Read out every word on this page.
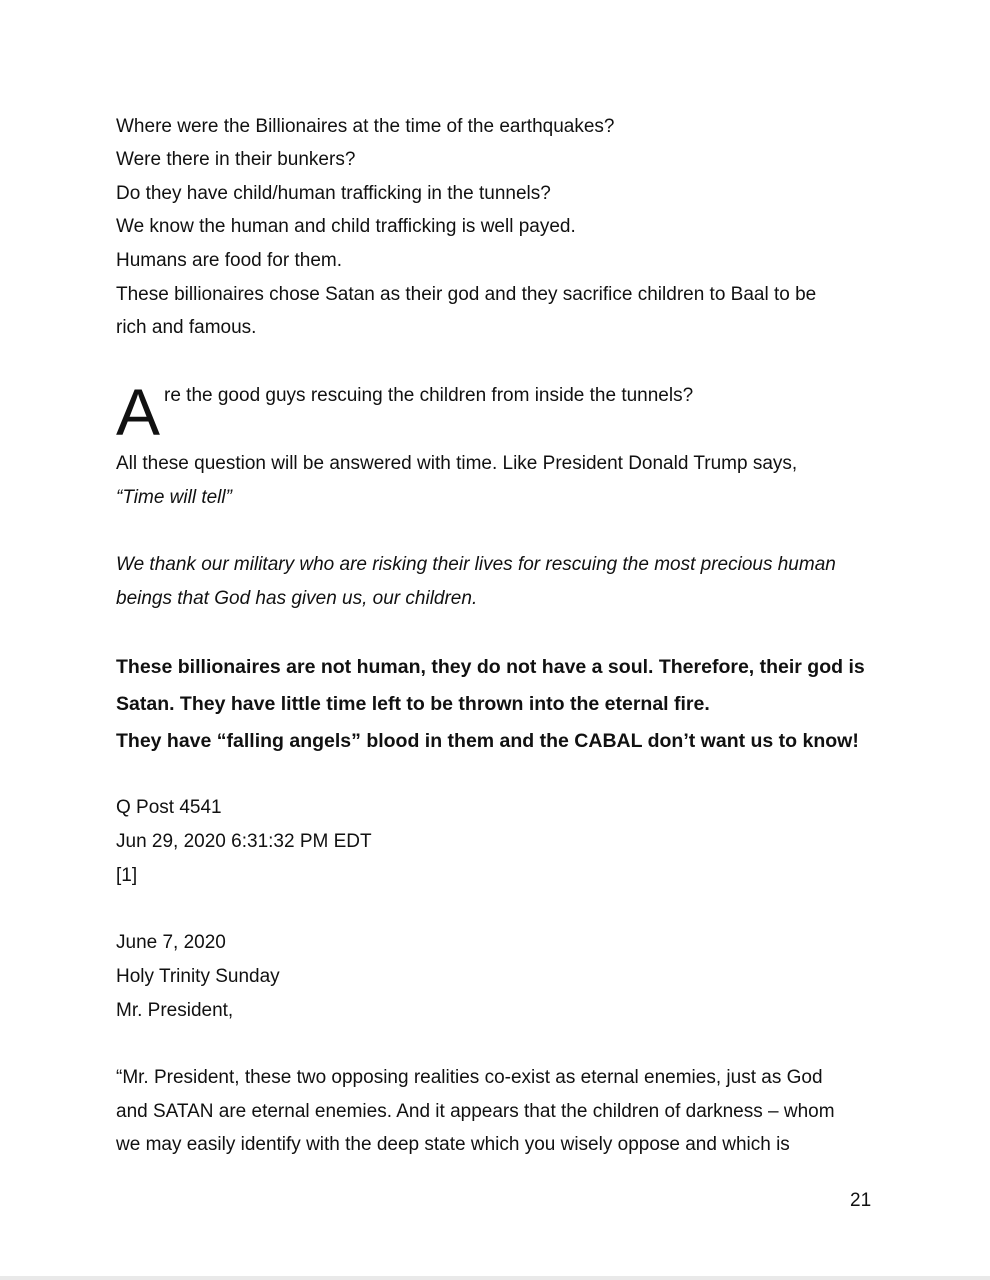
Where were the Billionaires at the time of the earthquakes?
Were there in their bunkers?
Do they have child/human trafficking in the tunnels?
We know the human and child trafficking is well payed.
Humans are food for them.
These billionaires chose Satan as their god and they sacrifice children to Baal to be
rich and famous.
A re the good guys rescuing the children from inside the tunnels?
All these question will be answered with time. Like President Donald Trump says,
“Time will tell”
We thank our military who are risking their lives for rescuing the most precious human
beings that God has given us, our children.
These billionaires are not human, they do not have a soul. Therefore, their god is
Satan. They have little time left to be thrown into the eternal fire.
They have “falling angels” blood in them and the CABAL don’t want us to know!
Q Post 4541
Jun 29, 2020 6:31:32 PM EDT
[1]
June 7, 2020
Holy Trinity Sunday
Mr. President,
“Mr. President, these two opposing realities co-exist as eternal enemies, just as God
and SATAN are eternal enemies. And it appears that the children of darkness – whom
we may easily identify with the deep state which you wisely oppose and which is
21
